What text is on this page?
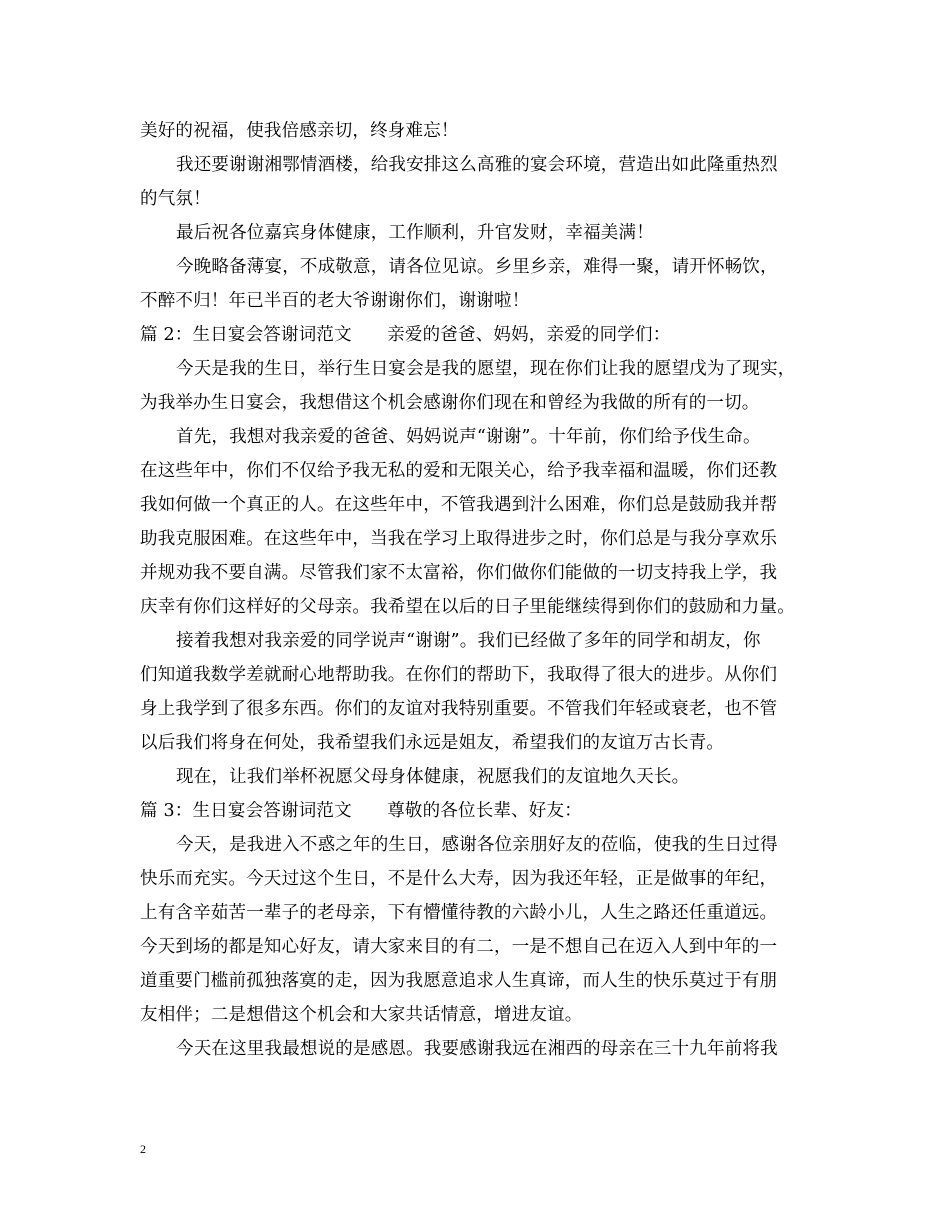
美好的祝福，使我倍感亲切，终身难忘！
我还要谢谢湘鄂情酒楼，给我安排这么高雅的宴会环境，营造出如此隆重热烈
的气氛！
最后祝各位嘉宾身体健康，工作顺利，升官发财，幸福美满！
今晚略备薄宴，不成敬意，请各位见谅。乡里乡亲，难得一聚，请开怀畅饮，
不醉不归！年已半百的老大爷谢谢你们，谢谢啦！
篇 2：生日宴会答谢词范文　　亲爱的爸爸、妈妈，亲爱的同学们：
今天是我的生日，举行生日宴会是我的愿望，现在你们让我的愿望戊为了现实，
为我举办生日宴会，我想借这个机会感谢你们现在和曾经为我做的所有的一切。
首先，我想对我亲爱的爸爸、妈妈说声“谢谢”。十年前，你们给予伐生命。
在这些年中，你们不仅给予我无私的爱和无限关心，给予我幸福和温暖，你们还教
我如何做一个真正的人。在这些年中，不管我遇到汁么困难，你们总是鼓励我并帮
助我克服困难。在这些年中，当我在学习上取得进步之时，你们总是与我分享欢乐
并规劝我不要自满。尽管我们家不太富裕，你们做你们能做的一切支持我上学，我
庆幸有你们这样好的父母亲。我希望在以后的日子里能继续得到你们的鼓励和力量。
接着我想对我亲爱的同学说声“谢谢”。我们已经做了多年的同学和胡友，你
们知道我数学差就耐心地帮助我。在你们的帮助下，我取得了很大的进步。从你们
身上我学到了很多东西。你们的友谊对我特别重要。不管我们年轻或衰老，也不管
以后我们将身在何处，我希望我们永远是姐友，希望我们的友谊万古长青。
现在，让我们举杯祝愿父母身体健康，祝愿我们的友谊地久天长。
篇 3：生日宴会答谢词范文　　尊敬的各位长辈、好友：
今天，是我进入不惑之年的生日，感谢各位亲朋好友的莅临，使我的生日过得
快乐而充实。今天过这个生日，不是什么大寿，因为我还年轻，正是做事的年纪，
上有含辛茹苦一辈子的老母亲，下有懵懂待教的六龄小儿，人生之路还任重道远。
今天到场的都是知心好友，请大家来目的有二，一是不想自己在迈入人到中年的一
道重要门槛前孤独落寞的走，因为我愿意追求人生真谛，而人生的快乐莫过于有朋
友相伴；二是想借这个机会和大家共话情意，增进友谊。
今天在这里我最想说的是感恩。我要感谢我远在湘西的母亲在三十九年前将我
2
